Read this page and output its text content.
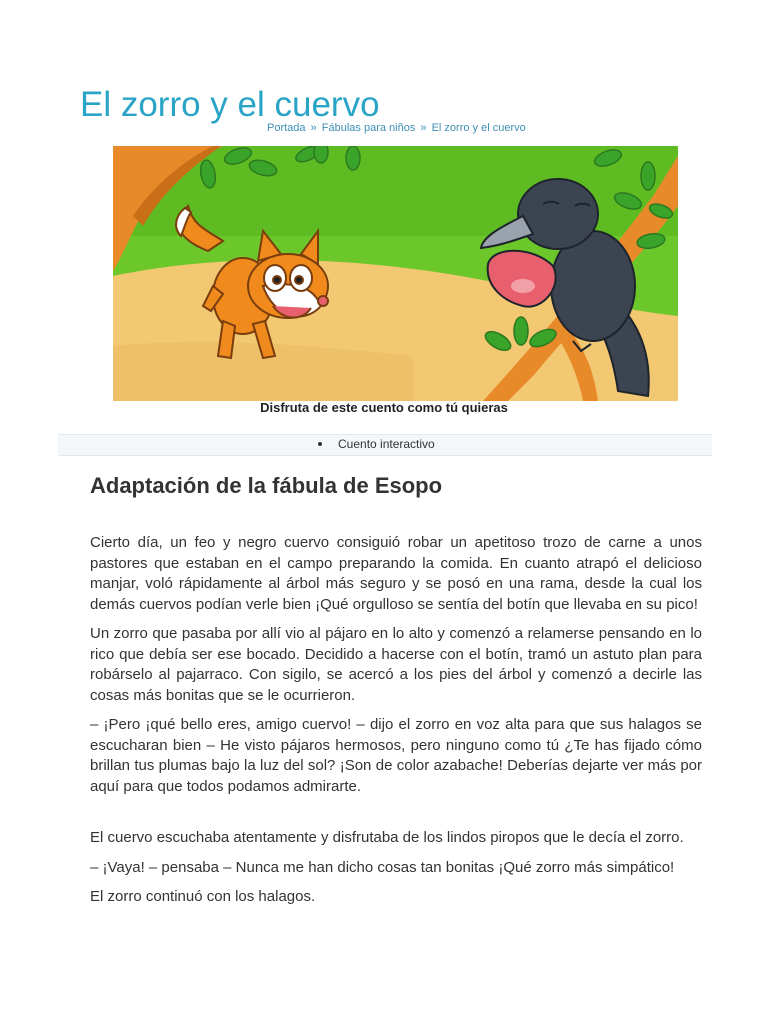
El zorro y el cuervo
Portada » Fábulas para niños » El zorro y el cuervo
Disfruta de este cuento como tú quieras
Cuento interactivo
Adaptación de la fábula de Esopo

Cierto día, un feo y negro cuervo consiguió robar un apetitoso trozo de carne a unos pastores que estaban en el campo preparando la comida. En cuanto atrapó el delicioso manjar, voló rápidamente al árbol más seguro y se posó en una rama, desde la cual los demás cuervos podían verle bien ¡Qué orgulloso se sentía del botín que llevaba en su pico!

Un zorro que pasaba por allí vio al pájaro en lo alto y comenzó a relamerse pensando en lo rico que debía ser ese bocado. Decidido a hacerse con el botín, tramó un astuto plan para robárselo al pajarraco. Con sigilo, se acercó a los pies del árbol y comenzó a decirle las cosas más bonitas que se le ocurrieron.

– ¡Pero ¡qué bello eres, amigo cuervo! – dijo el zorro en voz alta para que sus halagos se escucharan bien – He visto pájaros hermosos, pero ninguno como tú ¿Te has fijado cómo brillan tus plumas bajo la luz del sol? ¡Son de color azabache! Deberías dejarte ver más por aquí para que todos podamos admirarte.

El cuervo escuchaba atentamente y disfrutaba de los lindos piropos que le decía el zorro.

– ¡Vaya! – pensaba – Nunca me han dicho cosas tan bonitas ¡Qué zorro más simpático!

El zorro continuó con los halagos.
